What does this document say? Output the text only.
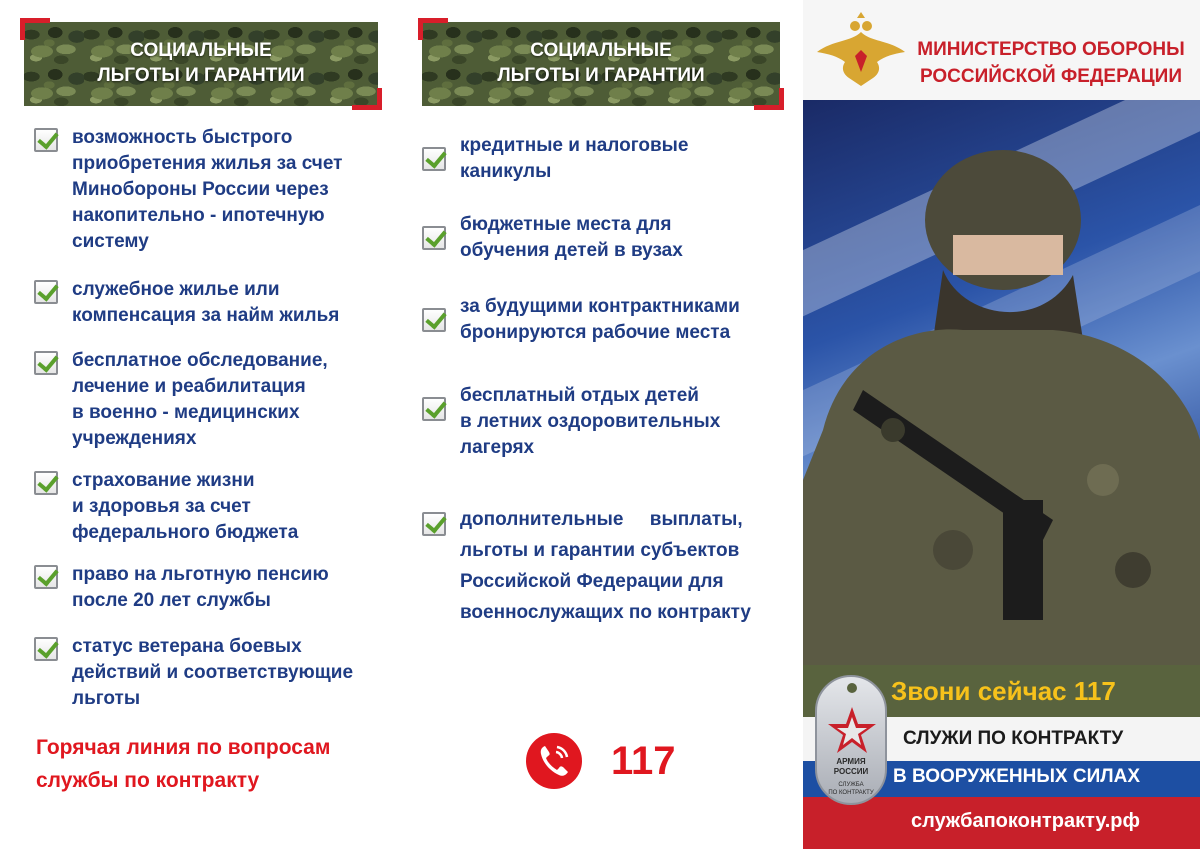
СОЦИАЛЬНЫЕ
ЛЬГОТЫ И ГАРАНТИИ
возможность быстрого
приобретения жилья за счет
Минобороны России через
накопительно - ипотечную
систему
служебное жилье или
компенсация за найм жилья
бесплатное обследование,
лечение и реабилитация
в военно - медицинских
учреждениях
страхование жизни
и здоровья за счет
федерального бюджета
право на льготную пенсию
после 20 лет службы
статус ветерана боевых
действий и соответствующие
льготы
Горячая линия по вопросам
службы по контракту
СОЦИАЛЬНЫЕ
ЛЬГОТЫ И ГАРАНТИИ
кредитные и налоговые
каникулы
бюджетные места для
обучения детей в вузах
за будущими контрактниками
бронируются рабочие места
бесплатный отдых детей
в летних оздоровительных
лагерях
дополнительные     выплаты,
льготы и гарантии субъектов
Российской Федерации для
военнослужащих по контракту
117
МИНИСТЕРСТВО ОБОРОНЫ
РОССИЙСКОЙ ФЕДЕРАЦИИ
АРМИЯ
РОССИИ
СЛУЖБА
ПО КОНТРАКТУ
Звони сейчас 117
СЛУЖИ ПО КОНТРАКТУ
В ВООРУЖЕННЫХ СИЛАХ
службапоконтракту.рф
